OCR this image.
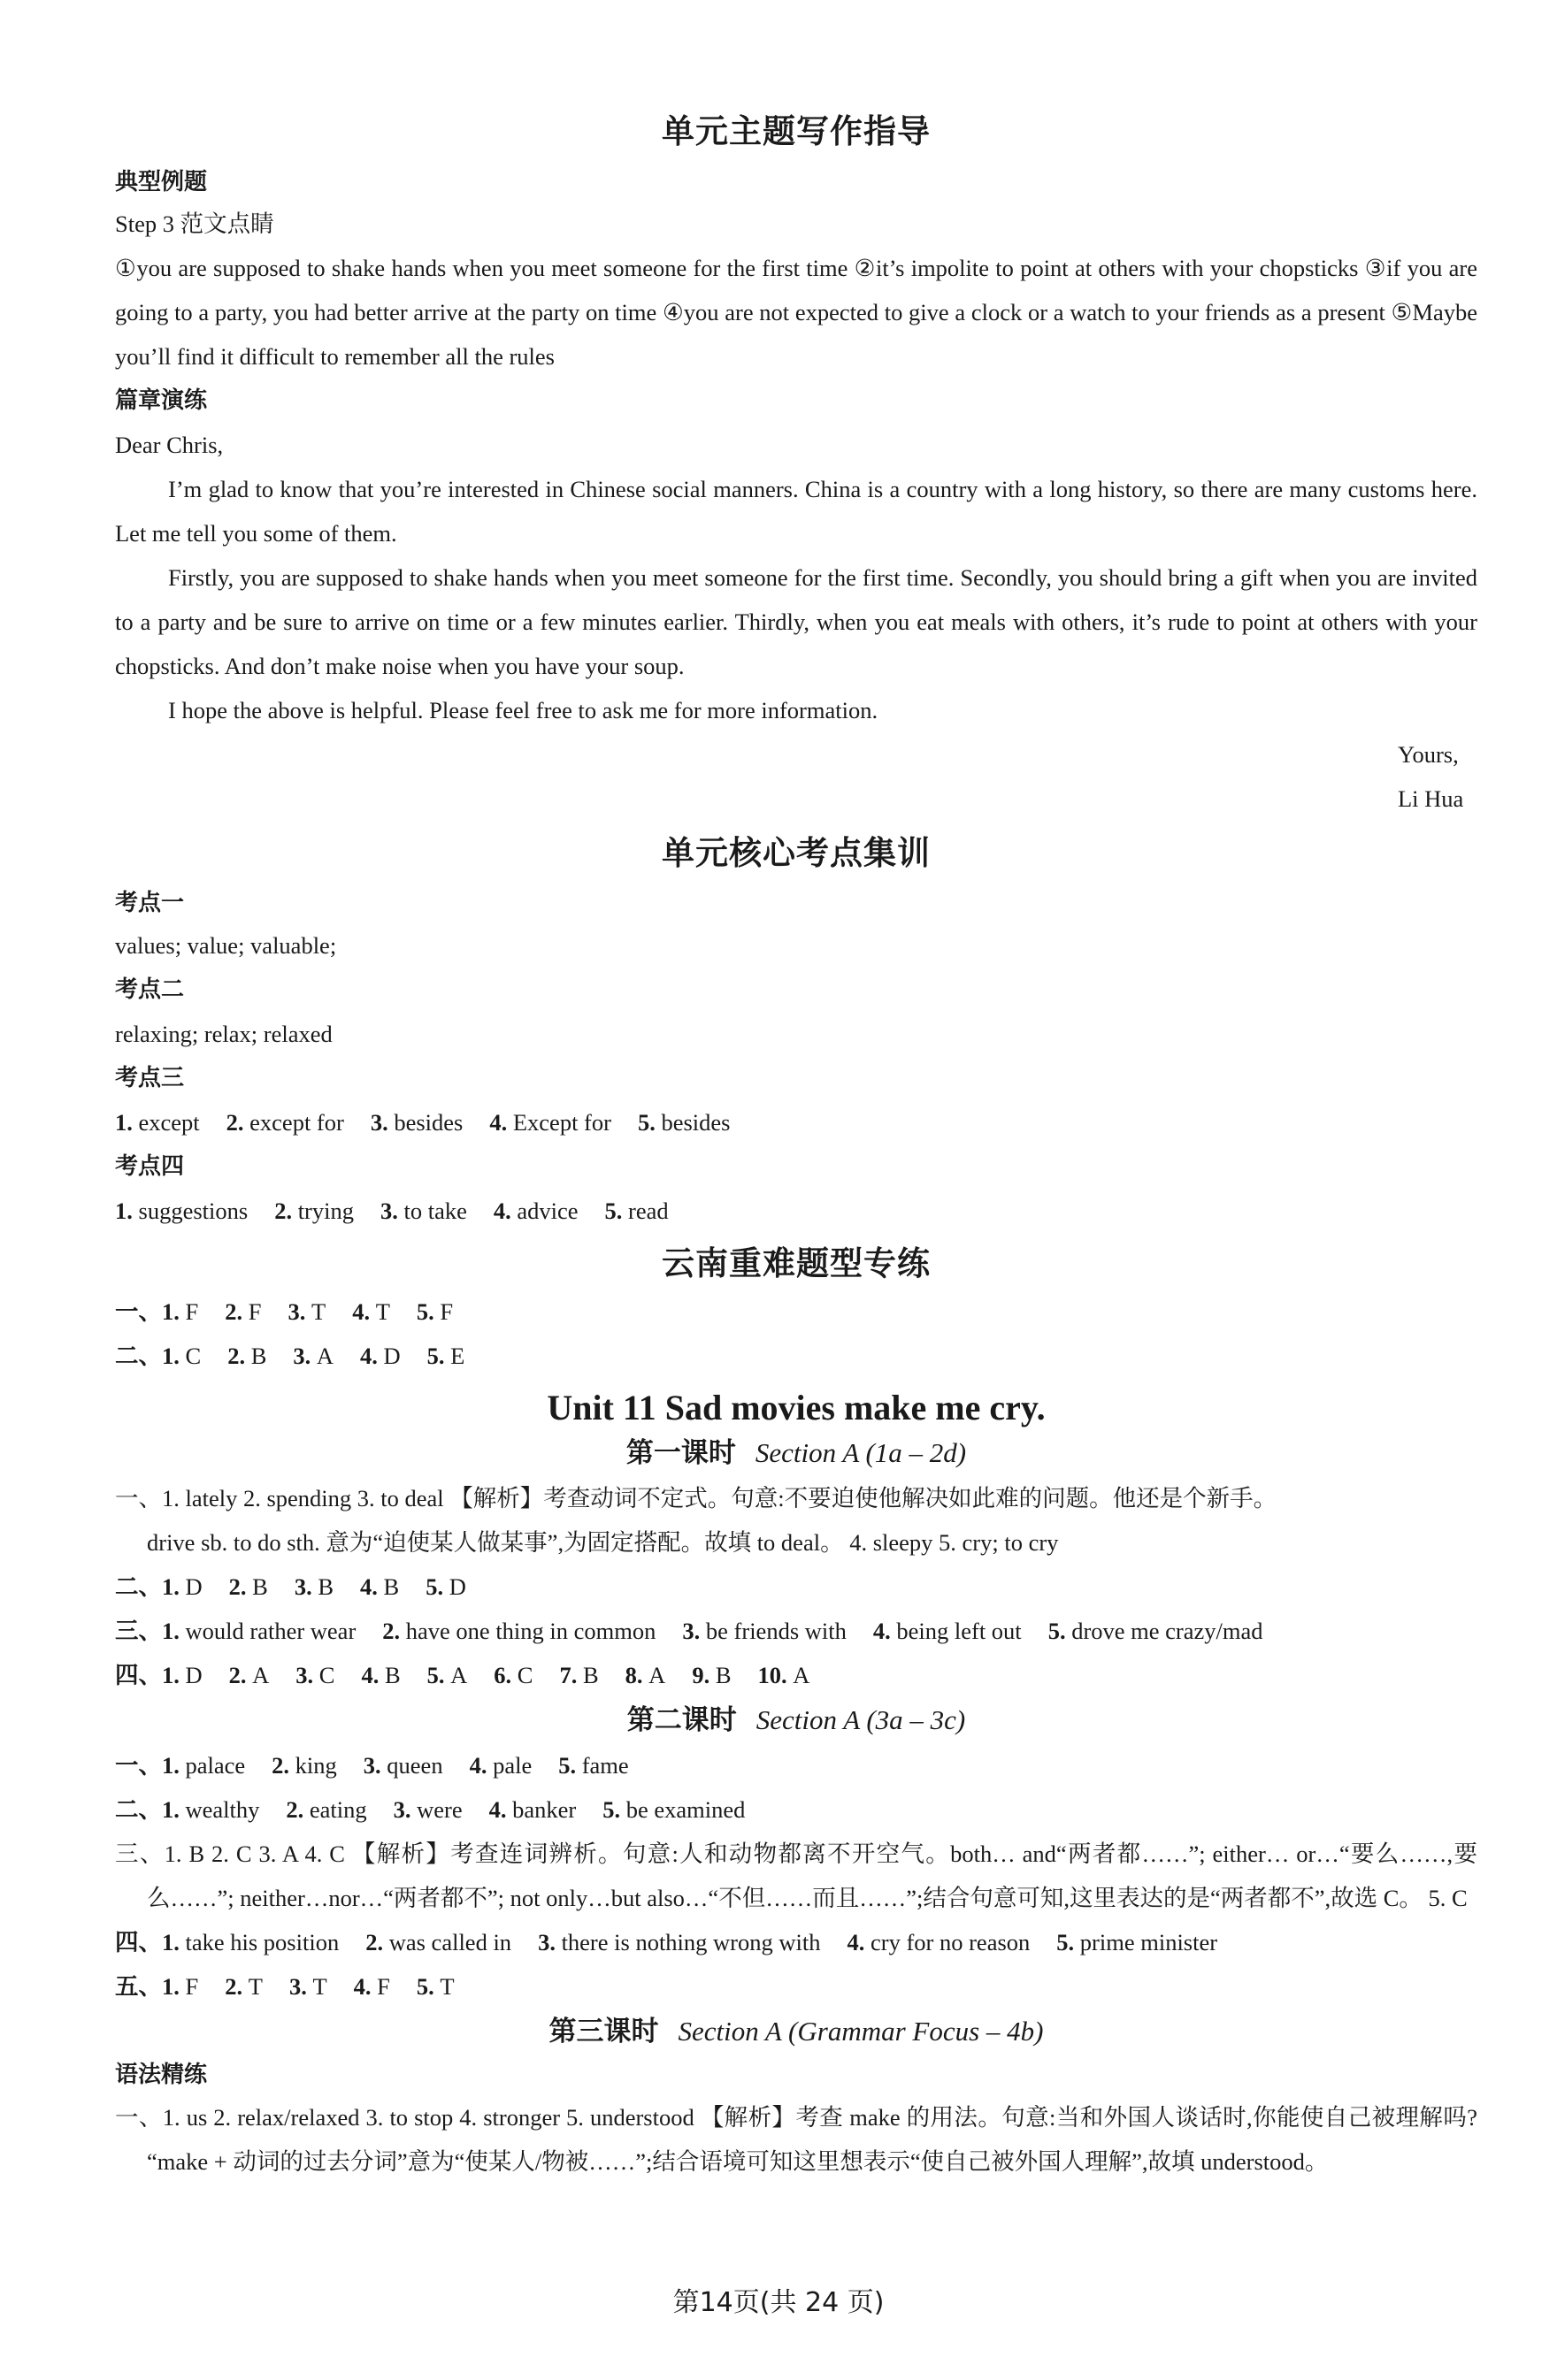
单元主题写作指导

典型例题

Step 3 范文点睛

①you are supposed to shake hands when you meet someone for the first time ②it’s impolite to point at others with your chopsticks ③if you are going to a party, you had better arrive at the party on time ④you are not expected to give a clock or a watch to your friends as a present ⑤Maybe you’ll find it difficult to remember all the rules

篇章演练

Dear Chris,

I’m glad to know that you’re interested in Chinese social manners. China is a country with a long history, so there are many customs here. Let me tell you some of them.

Firstly, you are supposed to shake hands when you meet someone for the first time. Secondly, you should bring a gift when you are invited to a party and be sure to arrive on time or a few minutes earlier. Thirdly, when you eat meals with others, it’s rude to point at others with your chopsticks. And don’t make noise when you have your soup.

I hope the above is helpful. Please feel free to ask me for more information.

Yours,

Li Hua

单元核心考点集训

考点一

values; value; valuable;

考点二

relaxing; relax; relaxed

考点三

1. except 2. except for 3. besides 4. Except for 5. besides

考点四

1. suggestions 2. trying 3. to take 4. advice 5. read

云南重难题型专练

一、1. F 2. F 3. T 4. T 5. F

二、1. C 2. B 3. A 4. D 5. E

Unit 11 Sad movies make me cry.

第一课时 Section A (1a – 2d)

一、1. lately 2. spending 3. to deal 【解析】考查动词不定式。句意:不要迫使他解决如此难的问题。他还是个新手。
drive sb. to do sth. 意为“迫使某人做某事”,为固定搭配。故填 to deal。 4. sleepy 5. cry; to cry

二、1. D 2. B 3. B 4. B 5. D

三、1. would rather wear 2. have one thing in common 3. be friends with 4. being left out 5. drove me crazy/mad

四、1. D 2. A 3. C 4. B 5. A 6. C 7. B 8. A 9. B 10. A

第二课时 Section A (3a – 3c)

一、1. palace 2. king 3. queen 4. pale 5. fame

二、1. wealthy 2. eating 3. were 4. banker 5. be examined

三、1. B 2. C 3. A 4. C 【解析】考查连词辨析。句意:人和动物都离不开空气。both… and“两者都……”; either… or…“要么……,要么……”; neither…nor…“两者都不”; not only…but also…“不但……而且……”;结合句意可知,这里表达的是“两者都不”,故选 C。 5. C

四、1. take his position 2. was called in 3. there is nothing wrong with 4. cry for no reason 5. prime minister

五、1. F 2. T 3. T 4. F 5. T

第三课时 Section A (Grammar Focus – 4b)

语法精练

一、1. us 2. relax/relaxed 3. to stop 4. stronger 5. understood 【解析】考查 make 的用法。句意:当和外国人谈话时,你能使自己被理解吗? “make + 动词的过去分词”意为“使某人/物被……”;结合语境可知这里想表示“使自己被外国人理解”,故填 understood。

第14页(共 24 页)
